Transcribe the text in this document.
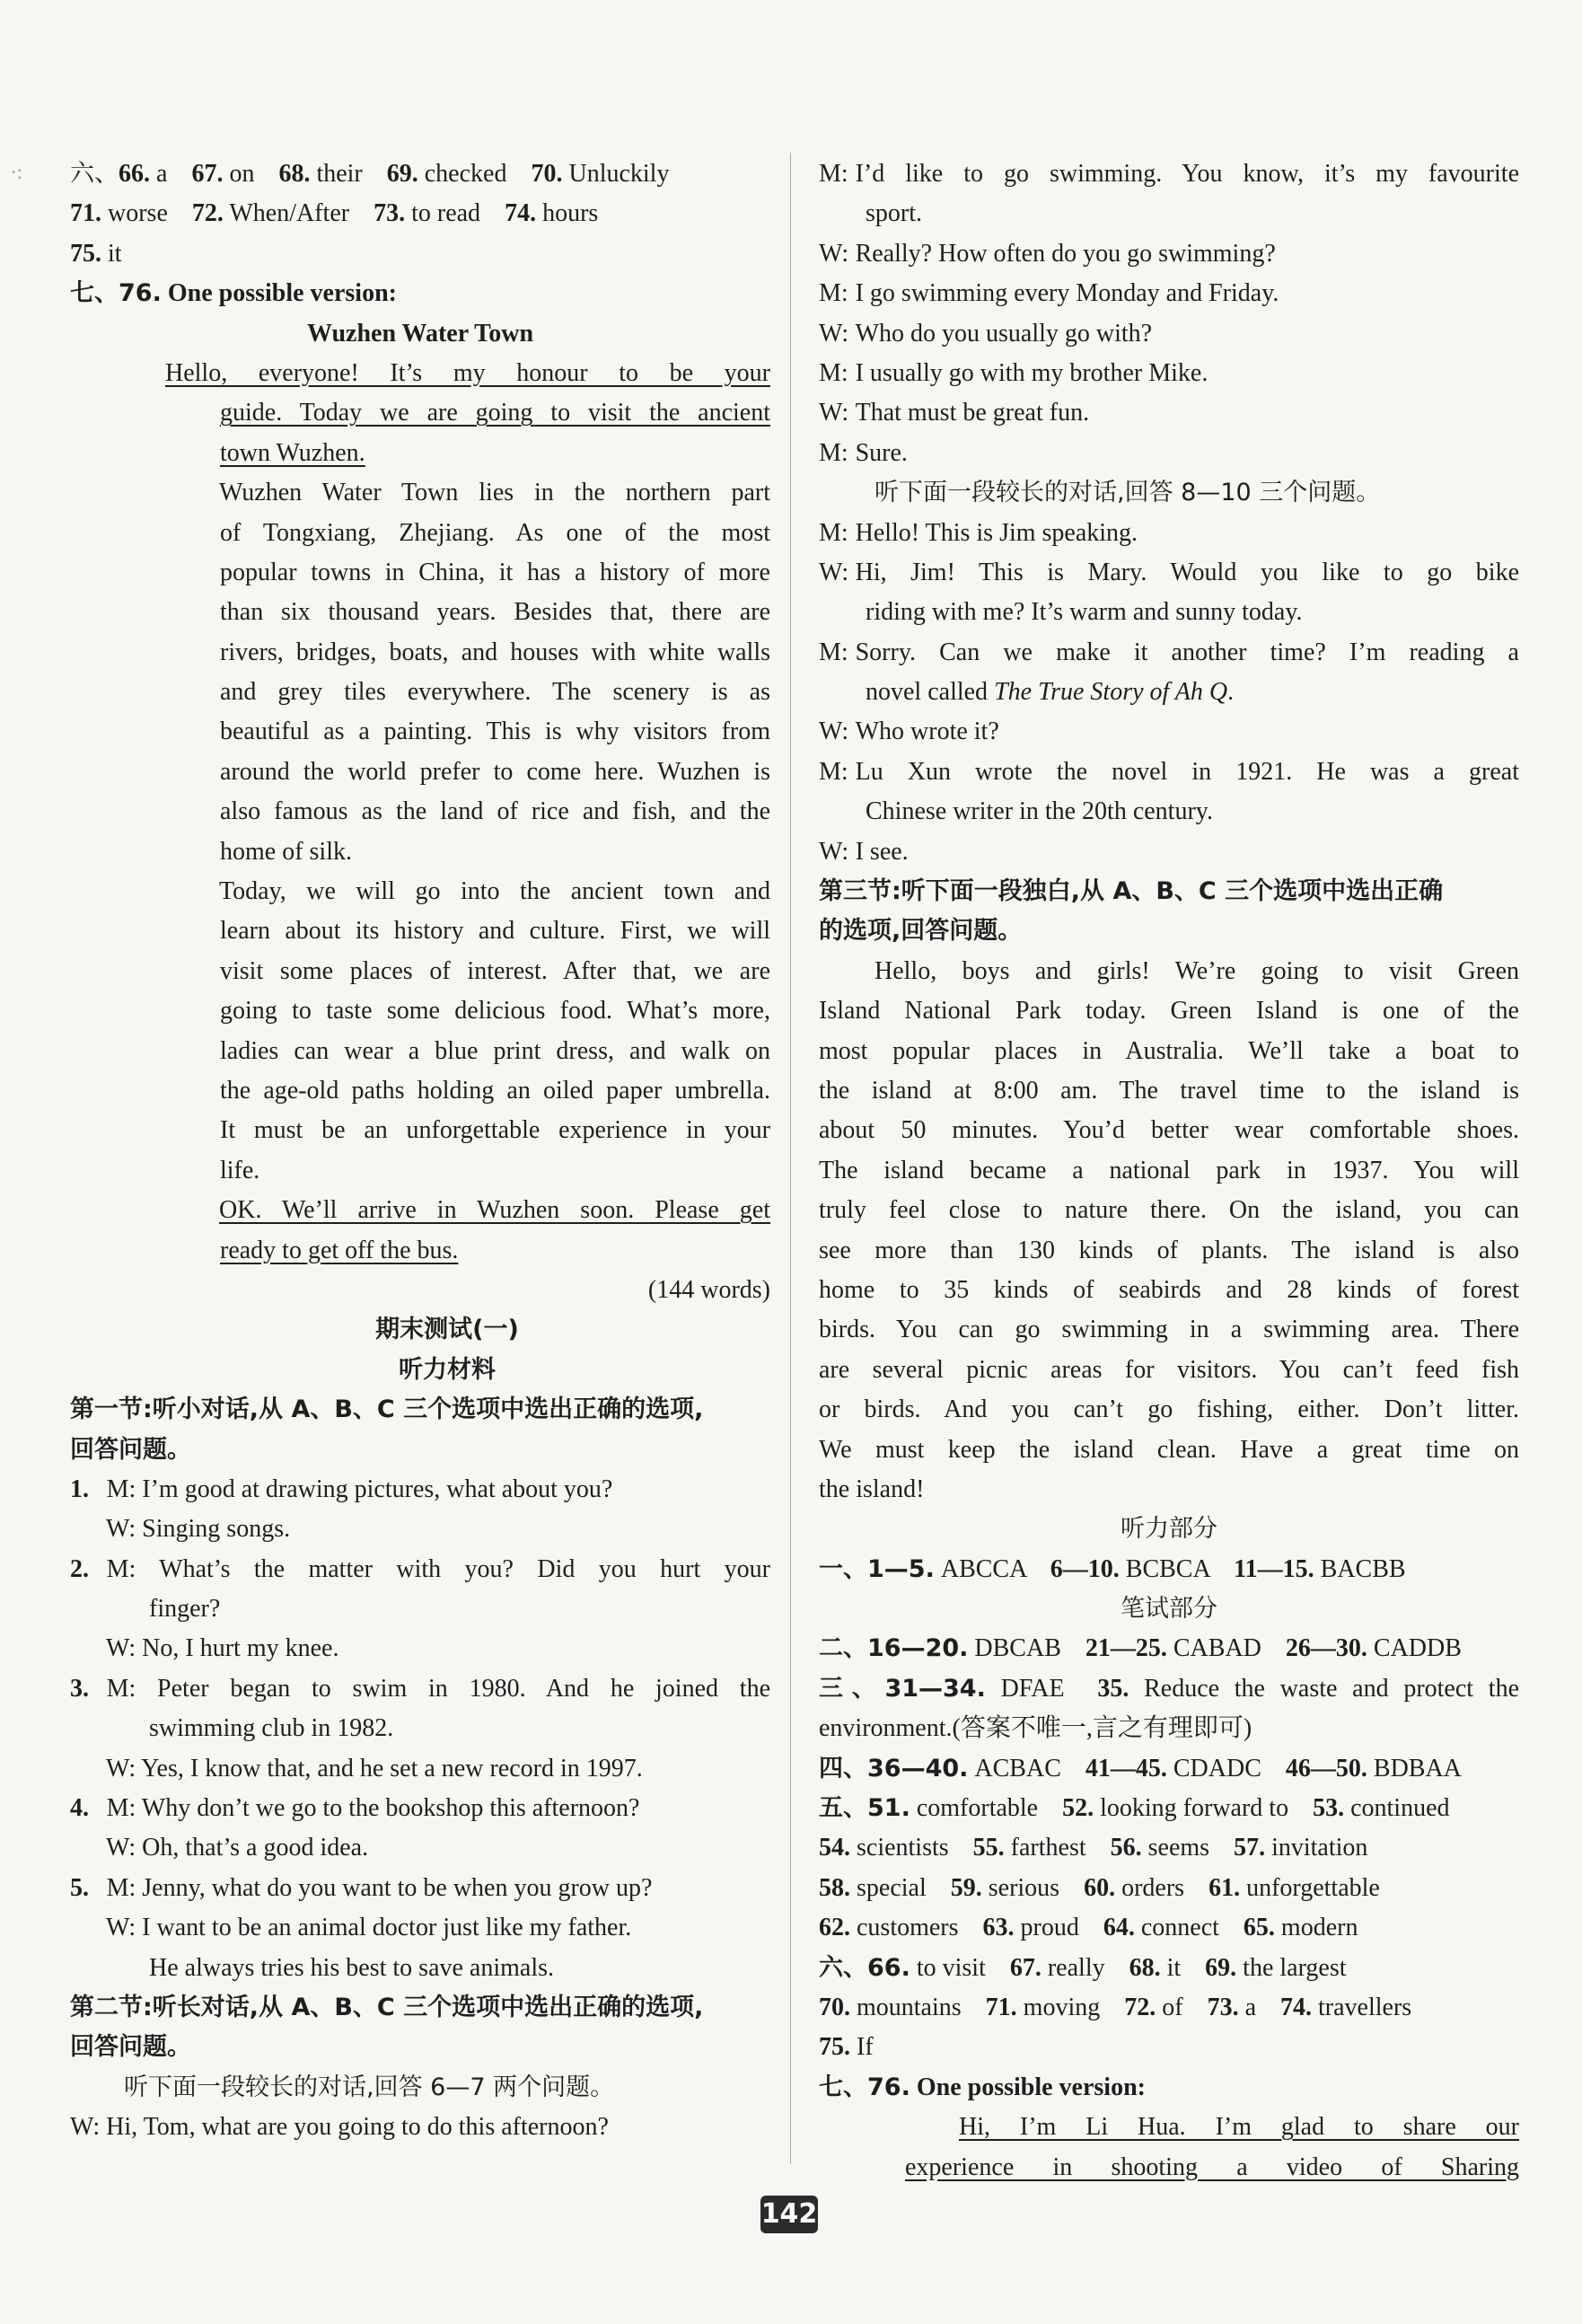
·: 六、66. a 67. on 68. their 69. checked 70. Unluckily
71. worse 72. When/After 73. to read 74. hours
75. it
七、76. One possible version:
Wuzhen Water Town
Hello, everyone! It’s my honour to be your
guide. Today we are going to visit the ancient
town Wuzhen.
Wuzhen Water Town lies in the northern part
of Tongxiang, Zhejiang. As one of the most
popular towns in China, it has a history of more
than six thousand years. Besides that, there are
rivers, bridges, boats, and houses with white walls
and grey tiles everywhere. The scenery is as
beautiful as a painting. This is why visitors from
around the world prefer to come here. Wuzhen is
also famous as the land of rice and fish, and the
home of silk.
Today, we will go into the ancient town and
learn about its history and culture. First, we will
visit some places of interest. After that, we are
going to taste some delicious food. What’s more,
ladies can wear a blue print dress, and walk on
the age-old paths holding an oiled paper umbrella.
It must be an unforgettable experience in your
life.
OK. We’ll arrive in Wuzhen soon. Please get
ready to get off the bus.
(144 words)
期末测试(一)
听力材料
第一节:听小对话,从 A、B、C 三个选项中选出正确的选项,
回答问题。
1. M: I’m good at drawing pictures, what about you?
W: Singing songs.
2. M: What’s the matter with you? Did you hurt your
finger?
W: No, I hurt my knee.
3. M: Peter began to swim in 1980. And he joined the
swimming club in 1982.
W: Yes, I know that, and he set a new record in 1997.
4. M: Why don’t we go to the bookshop this afternoon?
W: Oh, that’s a good idea.
5. M: Jenny, what do you want to be when you grow up?
W: I want to be an animal doctor just like my father.
He always tries his best to save animals.
第二节:听长对话,从 A、B、C 三个选项中选出正确的选项,
回答问题。
听下面一段较长的对话,回答 6—7 两个问题。
W: Hi, Tom, what are you going to do this afternoon?
M: I’d like to go swimming. You know, it’s my favourite
sport.
W: Really? How often do you go swimming?
M: I go swimming every Monday and Friday.
W: Who do you usually go with?
M: I usually go with my brother Mike.
W: That must be great fun.
M: Sure.
听下面一段较长的对话,回答 8—10 三个问题。
M: Hello! This is Jim speaking.
W: Hi, Jim! This is Mary. Would you like to go bike
riding with me? It’s warm and sunny today.
M: Sorry. Can we make it another time? I’m reading a
novel called The True Story of Ah Q.
W: Who wrote it?
M: Lu Xun wrote the novel in 1921. He was a great
Chinese writer in the 20th century.
W: I see.
第三节:听下面一段独白,从 A、B、C 三个选项中选出正确
的选项,回答问题。
Hello, boys and girls! We’re going to visit Green
Island National Park today. Green Island is one of the
most popular places in Australia. We’ll take a boat to
the island at 8:00 am. The travel time to the island is
about 50 minutes. You’d better wear comfortable shoes.
The island became a national park in 1937. You will
truly feel close to nature there. On the island, you can
see more than 130 kinds of plants. The island is also
home to 35 kinds of seabirds and 28 kinds of forest
birds. You can go swimming in a swimming area. There
are several picnic areas for visitors. You can’t feed fish
or birds. And you can’t go fishing, either. Don’t litter.
We must keep the island clean. Have a great time on
the island!
听力部分
一、1—5. ABCCA 6—10. BCBCA 11—15. BACBB
笔试部分
二、16—20. DBCAB 21—25. CABAD 26—30. CADDB
三、31—34. DFAE 35. Reduce the waste and protect the
environment.(答案不唯一,言之有理即可)
四、36—40. ACBAC 41—45. CDADC 46—50. BDBAA
五、51. comfortable 52. looking forward to 53. continued
54. scientists 55. farthest 56. seems 57. invitation
58. special 59. serious 60. orders 61. unforgettable
62. customers 63. proud 64. connect 65. modern
六、66. to visit 67. really 68. it 69. the largest
70. mountains 71. moving 72. of 73. a 74. travellers
75. If
七、76. One possible version:
Hi, I’m Li Hua. I’m glad to share our
experience in shooting a video of Sharing
142
